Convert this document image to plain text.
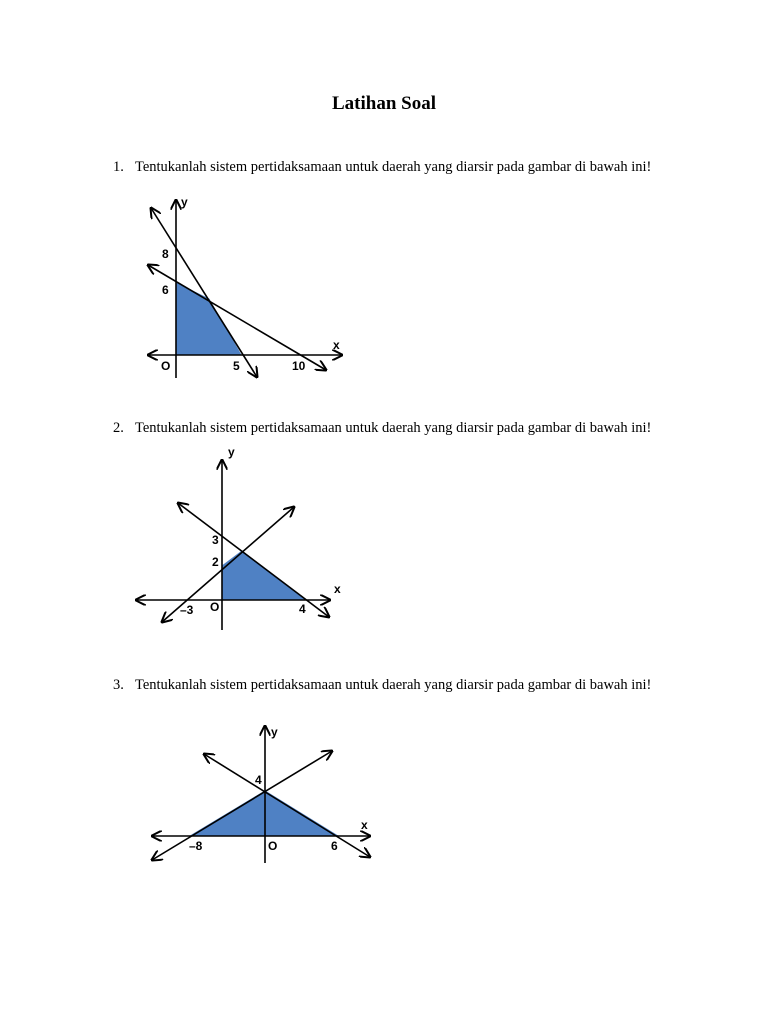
Latihan Soal
1. Tentukanlah sistem pertidaksamaan untuk daerah yang diarsir pada gambar di bawah ini!
y
x
O
8
6
5	10
2. Tentukanlah sistem pertidaksamaan untuk daerah yang diarsir pada gambar di bawah ini!
y
x
O
3
2
–3	4
3. Tentukanlah sistem pertidaksamaan untuk daerah yang diarsir pada gambar di bawah ini!
y
x
O
4
–8	6
